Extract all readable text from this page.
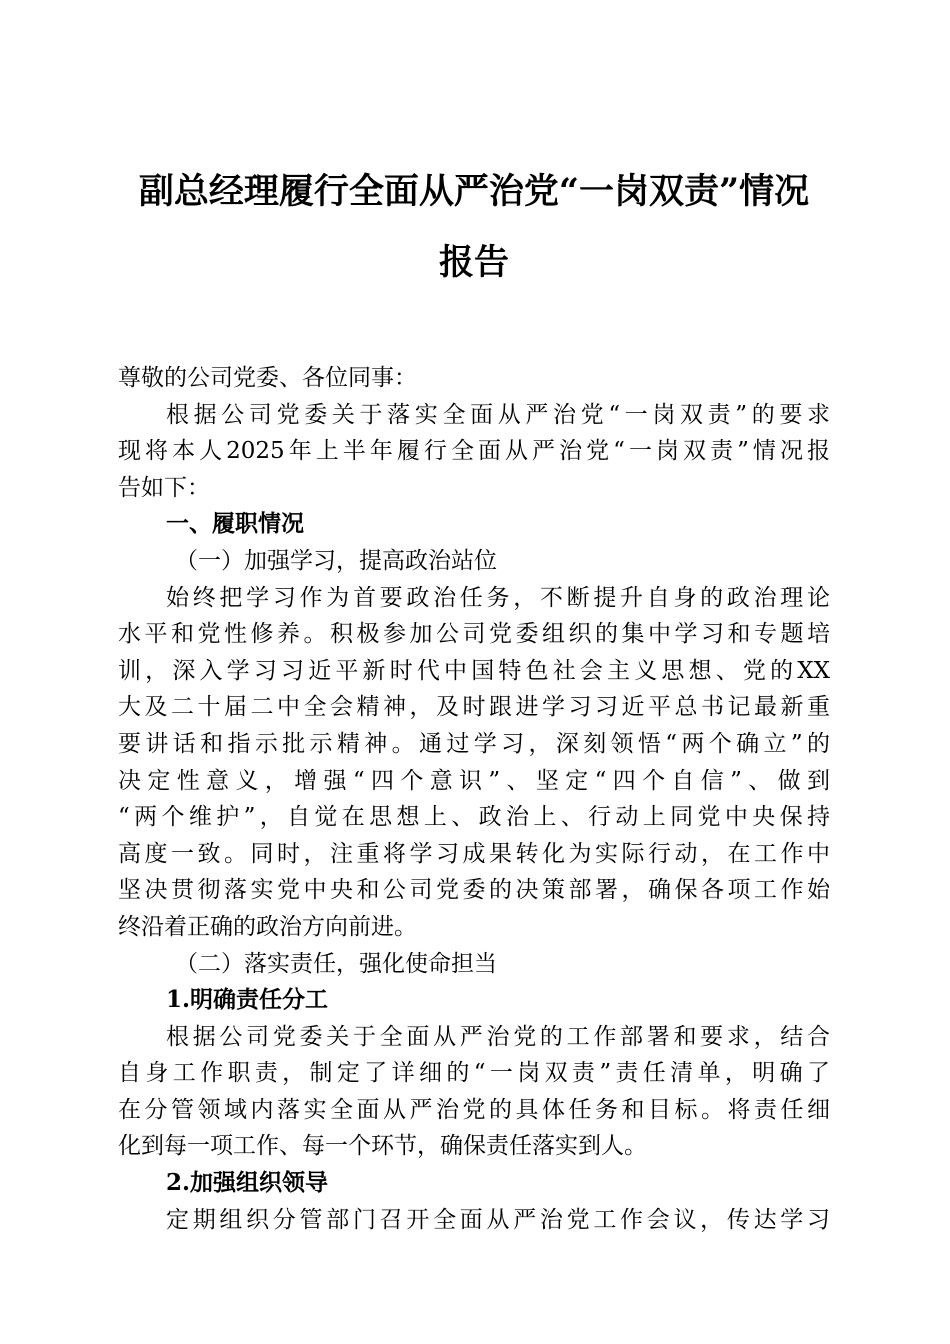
副总经理履行全面从严治党“一岗双责”情况
报告
尊敬的公司党委、各位同事：
根据公司党委关于落实全面从严治党“一岗双责”的要求
现将本人2025年上半年履行全面从严治党“一岗双责”情况报
告如下：
一、履职情况
（一）加强学习，提高政治站位
始终把学习作为首要政治任务，不断提升自身的政治理论
水平和党性修养。积极参加公司党委组织的集中学习和专题培
训，深入学习习近平新时代中国特色社会主义思想、党的XX
大及二十届二中全会精神，及时跟进学习习近平总书记最新重
要讲话和指示批示精神。通过学习，深刻领悟“两个确立”的
决定性意义，增强“四个意识”、坚定“四个自信”、做到
“两个维护”，自觉在思想上、政治上、行动上同党中央保持
高度一致。同时，注重将学习成果转化为实际行动，在工作中
坚决贯彻落实党中央和公司党委的决策部署，确保各项工作始
终沿着正确的政治方向前进。
（二）落实责任，强化使命担当
1.明确责任分工
根据公司党委关于全面从严治党的工作部署和要求，结合
自身工作职责，制定了详细的“一岗双责”责任清单，明确了
在分管领域内落实全面从严治党的具体任务和目标。将责任细
化到每一项工作、每一个环节，确保责任落实到人。
2.加强组织领导
定期组织分管部门召开全面从严治党工作会议，传达学习
